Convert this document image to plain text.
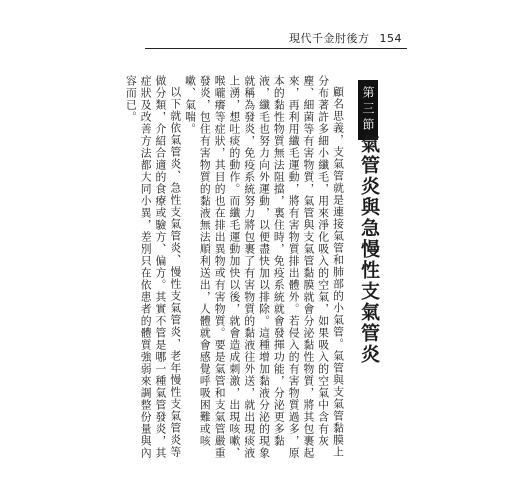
現代千金肘後方 154
第三節
氣管炎與急慢性支氣管炎

顧名思義，支氣管就是連接氣管和肺部的小氣管。氣管與支氣管黏膜上分布著許多細小纖毛，用來淨化吸入的空氣，如果吸入的空氣中含有灰塵、細菌等有害物質，氣管與支氣管黏膜就會分泌黏性物質，將其包裹起來，再利用纖毛運動，將有害物質排出體外。若侵入的有害物質過多，原本的黏性物質無法阻擋，裏住時，免疫系統就會發揮功能，分泌更多黏液，纖毛也努力向外運動，以便盡快加以排除。這種增加黏液分泌的現象就稱為發炎，免疫系統努力將包裹了有害物質的黏液往外送，就出現痰液上湧，想吐痰的動作。而纖毛運動加快以後，就會造成刺激，出現咳嗽、喉嚨癢等症狀，其目的也在排出異物或有害物質。要是氣管和支氣管嚴重發炎，包住有害物質的黏液無法順利送出，人體就會感覺呼吸困難或咳嗽、氣喘。

以下就依氣管炎、急性支氣管炎、慢性支氣管炎，老年慢性支氣管炎等做分類，介紹合適的食療或驗方、偏方。其實不管是哪一種氣管發炎，其症狀及改善方法都大同小異，差別只在依患者的體質強弱來調整份量與內容而已。
